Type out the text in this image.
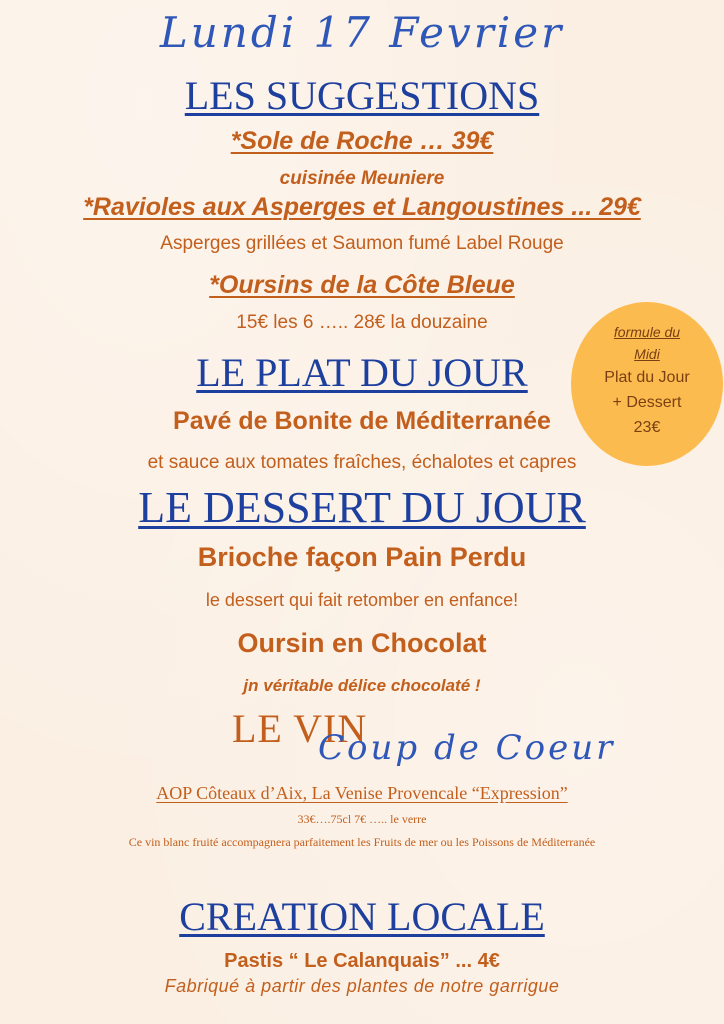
Lundi 17 Fevrier
LES SUGGESTIONS
*Sole de Roche … 39€
cuisinée Meuniere
*Ravioles aux Asperges et Langoustines ... 29€
Asperges grillées et Saumon fumé Label Rouge
*Oursins de la Côte Bleue
15€ les 6 ….. 28€ la douzaine	formule du
Midi
Plat du Jour
+ Dessert
23€
LE PLAT DU JOUR
Pavé de Bonite de Méditerranée
et sauce aux tomates fraîches, échalotes et capres
LE DESSERT DU JOUR
Brioche façon Pain Perdu
le dessert qui fait retomber en enfance!
Oursin en Chocolat
jn véritable délice chocolaté !
LE VIN
Coup de Coeur
AOP Côteaux d’Aix, La Venise Provencale “Expression”
33€….75cl 7€ ….. le verre
Ce vin blanc fruité accompagnera parfaitement les Fruits de mer ou les Poissons de Méditerranée
CREATION LOCALE
Pastis “ Le Calanquais” ... 4€
Fabriqué à partir des plantes de notre garrigue
